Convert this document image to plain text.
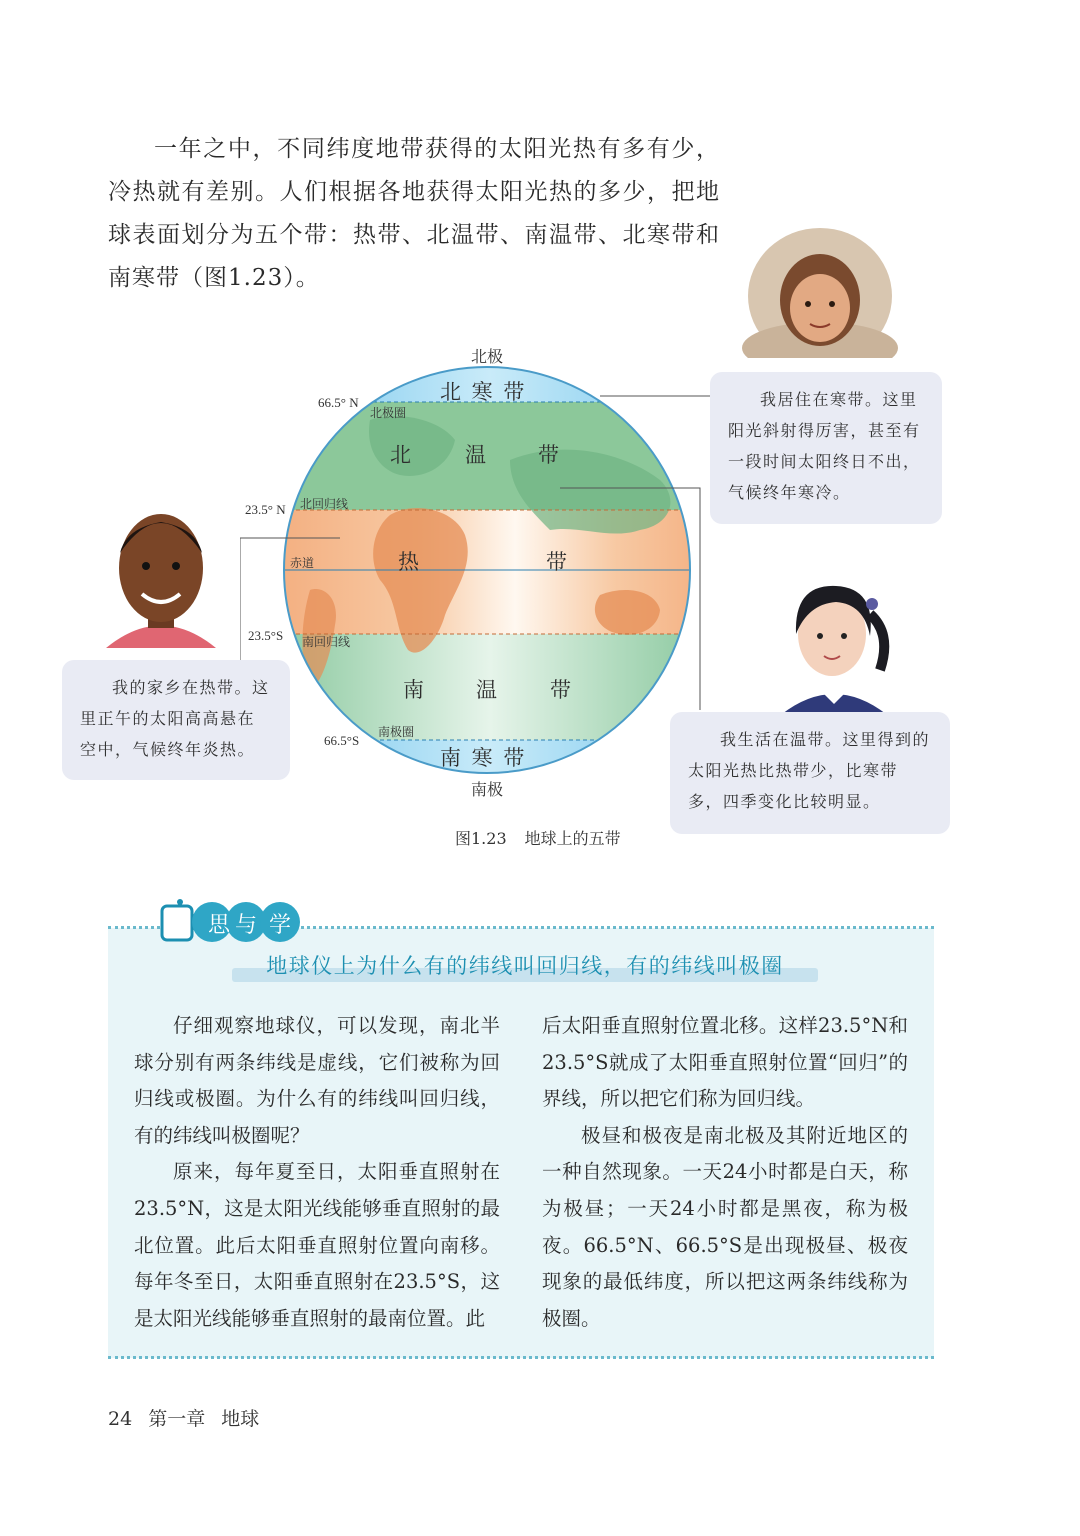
一年之中，不同纬度地带获得的太阳光热有多有少，冷热就有差别。人们根据各地获得太阳光热的多少，把地球表面划分为五个带：热带、北温带、南温带、北寒带和南寒带（图1.23）。

北极
南极
66.5° N
23.5° N
23.5°S
66.5°S
北极圈
北回归线
赤道
南回归线
南极圈
北 寒 带
北 温 带
热	带
南 温 带
南 寒 带
图1.23 地球上的五带

我居住在寒带。这里阳光斜射得厉害，甚至有一段时间太阳终日不出，气候终年寒冷。

我的家乡在热带。这里正午的太阳高高悬在空中，气候终年炎热。

我生活在温带。这里得到的太阳光热比热带少，比寒带多，四季变化比较明显。

思 与 学
地球仪上为什么有的纬线叫回归线，有的纬线叫极圈

仔细观察地球仪，可以发现，南北半球分别有两条纬线是虚线，它们被称为回归线或极圈。为什么有的纬线叫回归线，有的纬线叫极圈呢？

原来，每年夏至日，太阳垂直照射在23.5°N，这是太阳光线能够垂直照射的最北位置。此后太阳垂直照射位置向南移。每年冬至日，太阳垂直照射在23.5°S，这是太阳光线能够垂直照射的最南位置。此

后太阳垂直照射位置北移。这样23.5°N和23.5°S就成了太阳垂直照射位置“回归”的界线，所以把它们称为回归线。

极昼和极夜是南北极及其附近地区的一种自然现象。一天24小时都是白天，称为极昼；一天24小时都是黑夜，称为极夜。66.5°N、66.5°S是出现极昼、极夜现象的最低纬度，所以把这两条纬线称为极圈。

24 第一章 地球
